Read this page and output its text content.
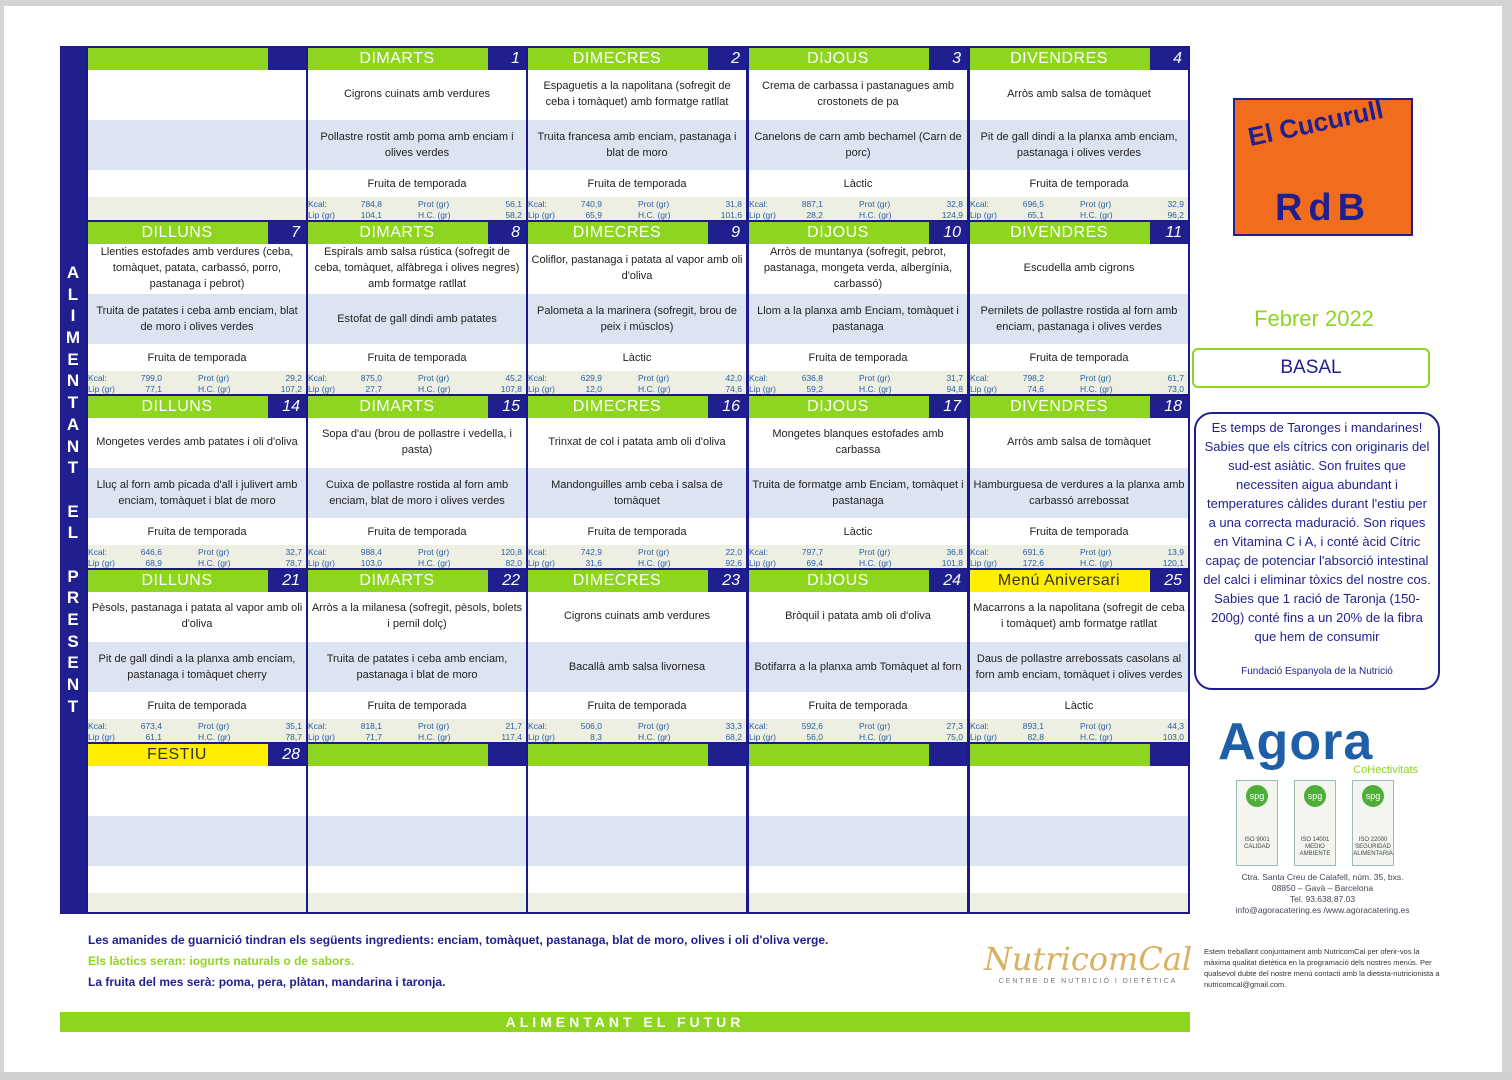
A
L
I
M
E
N
T
A
N
T
E
L
P
R
E
S
E
N
T
DIMARTS	1
Cigrons cuinats amb verdures
Pollastre rostit amb poma amb enciam i olives verdes
Fruita de temporada
Kcal:	784,8	Prot (gr)	56,1
Lip (gr)	104,1	H.C. (gr)	58,2
DIMECRES	2
Espaguetis a la napolitana (sofregit de ceba i tomàquet) amb formatge ratllat
Truita francesa amb enciam, pastanaga i blat de moro
Fruita de temporada
Kcal:	740,9	Prot (gr)	31,8
Lip (gr)	65,9	H.C. (gr)	101,6
DIJOUS	3
Crema de carbassa i pastanagues amb crostonets de pa
Canelons de carn amb bechamel (Carn de porc)
Làctic
Kcal:	887,1	Prot (gr)	32,8
Lip (gr)	28,2	H.C. (gr)	124,9
DIVENDRES	4
Arròs amb salsa de tomàquet
Pit de gall dindi a la planxa amb enciam, pastanaga i olives verdes
Fruita de temporada
Kcal:	696,5	Prot (gr)	32,9
Lip (gr)	65,1	H.C. (gr)	96,2
DILLUNS	7
Llenties estofades amb verdures (ceba, tomàquet, patata, carbassó, porro, pastanaga i pebrot)
Truita de patates i ceba amb enciam, blat de moro i olives verdes
Fruita de temporada
Kcal:	799,0	Prot (gr)	29,2
Lip (gr)	77,1	H.C. (gr)	107,2
DIMARTS	8
Espirals amb salsa rústica (sofregit de ceba, tomàquet, alfàbrega i olives negres) amb formatge ratllat
Estofat de gall dindi amb patates
Fruita de temporada
Kcal:	875,0	Prot (gr)	45,2
Lip (gr)	27,7	H.C. (gr)	107,8
DIMECRES	9
Coliflor, pastanaga i patata al vapor amb oli d'oliva
Palometa a la marinera (sofregit, brou de peix i músclos)
Làctic
Kcal:	629,9	Prot (gr)	42,0
Lip (gr)	12,0	H.C. (gr)	74,6
DIJOUS	10
Arròs de muntanya (sofregit, pebrot, pastanaga, mongeta verda, albergínia, carbassó)
Llom a la planxa amb Enciam, tomàquet i pastanaga
Fruita de temporada
Kcal:	636,8	Prot (gr)	31,7
Lip (gr)	59,2	H.C. (gr)	94,8
DIVENDRES	11
Escudella amb cigrons
Pernilets de pollastre rostida al forn amb enciam, pastanaga i olives verdes
Fruita de temporada
Kcal:	798,2	Prot (gr)	61,7
Lip (gr)	74,6	H.C. (gr)	73,0
DILLUNS	14
Mongetes verdes amb patates i oli d'oliva
Lluç al forn amb picada d'all i julivert amb enciam, tomàquet i blat de moro
Fruita de temporada
Kcal:	646,6	Prot (gr)	32,7
Lip (gr)	68,9	H.C. (gr)	78,7
DIMARTS	15
Sopa d'au (brou de pollastre i vedella, i pasta)
Cuixa de pollastre rostida al forn amb enciam, blat de moro i olives verdes
Fruita de temporada
Kcal:	988,4	Prot (gr)	120,8
Lip (gr)	103,0	H.C. (gr)	82,0
DIMECRES	16
Trinxat de col i patata amb oli d'oliva
Mandonguilles amb ceba i salsa de tomàquet
Fruita de temporada
Kcal:	742,9	Prot (gr)	22,0
Lip (gr)	31,6	H.C. (gr)	92,6
DIJOUS	17
Mongetes blanques estofades amb carbassa
Truita de formatge amb Enciam, tomàquet i pastanaga
Làctic
Kcal:	797,7	Prot (gr)	36,8
Lip (gr)	69,4	H.C. (gr)	101,8
DIVENDRES	18
Arròs amb salsa de tomàquet
Hamburguesa de verdures a la planxa amb carbassó arrebossat
Fruita de temporada
Kcal:	691,6	Prot (gr)	13,9
Lip (gr)	172,6	H.C. (gr)	120,1
DILLUNS	21
Pèsols, pastanaga i patata al vapor amb oli d'oliva
Pit de gall dindi a la planxa amb enciam, pastanaga i tomàquet cherry
Fruita de temporada
Kcal:	673,4	Prot (gr)	35,1
Lip (gr)	61,1	H.C. (gr)	78,7
DIMARTS	22
Arròs a la milanesa (sofregit, pèsols, bolets i pernil dolç)
Truita de patates i ceba amb enciam, pastanaga i blat de moro
Fruita de temporada
Kcal:	818,1	Prot (gr)	21,7
Lip (gr)	71,7	H.C. (gr)	117,4
DIMECRES	23
Cigrons cuinats amb verdures
Bacallà amb salsa livornesa
Fruita de temporada
Kcal:	506,0	Prot (gr)	33,3
Lip (gr)	8,3	H.C. (gr)	68,2
DIJOUS	24
Bròquil i patata amb oli d'oliva
Botifarra a la planxa amb Tomàquet al forn
Fruita de temporada
Kcal:	592,6	Prot (gr)	27,3
Lip (gr)	56,0	H.C. (gr)	75,0
Menú Aniversari	25
Macarrons a la napolitana (sofregit de ceba i tomàquet) amb formatge ratllat
Daus de pollastre arrebossats casolans al forn amb enciam, tomàquet i olives verdes
Làctic
Kcal:	893,1	Prot (gr)	44,3
Lip (gr)	82,8	H.C. (gr)	103,0
FESTIU	28
El Cucurull
RdB
Febrer 2022
BASAL
Es temps de Taronges i mandarines! Sabies que els cítrics con originaris del sud-est asiàtic. Son fruites que necessiten aigua abundant i temperatures càlides durant l'estiu per a una correcta maduració. Son riques en Vitamina C i A, i conté àcid Cítric capaç de potenciar l'absorció intestinal del calci i eliminar tòxics del nostre cos. Sabies que 1 ració de Taronja (150-200g) conté fins a un 20% de la fibra que hem de consumir
Fundació Espanyola de la Nutrició
Agora
CoHectivitats
spg
ISO 9001 CALIDAD
spg
ISO 14001 MEDIO AMBIENTE
spg
ISO 22000 SEGURIDAD ALIMENTARIA
Ctra. Santa Creu de Calafell, núm. 35, bxs.
08850 – Gavà – Barcelona
Tel. 93.638.87.03
info@agoracatering.es /www.agoracatering.es
Les amanides de guarnició tindran els següents ingredients: enciam, tomàquet, pastanaga, blat de moro, olives i oli d'oliva verge.
Els làctics seran: iogurts naturals o de sabors.
La fruita del mes serà: poma, pera, plàtan, mandarina i taronja.
NutricomCal
CENTRE DE NUTRICIÓ I DIETÈTICA
Estem treballant conjuntament amb NutricomCal per oferir-vos la màxima qualitat dietètica en la programació dels nostres menús. Per qualsevol dubte del nostre menú contacti amb la dietista-nutricionista a nutricomcal@gmail.com.
ALIMENTANT EL FUTUR
